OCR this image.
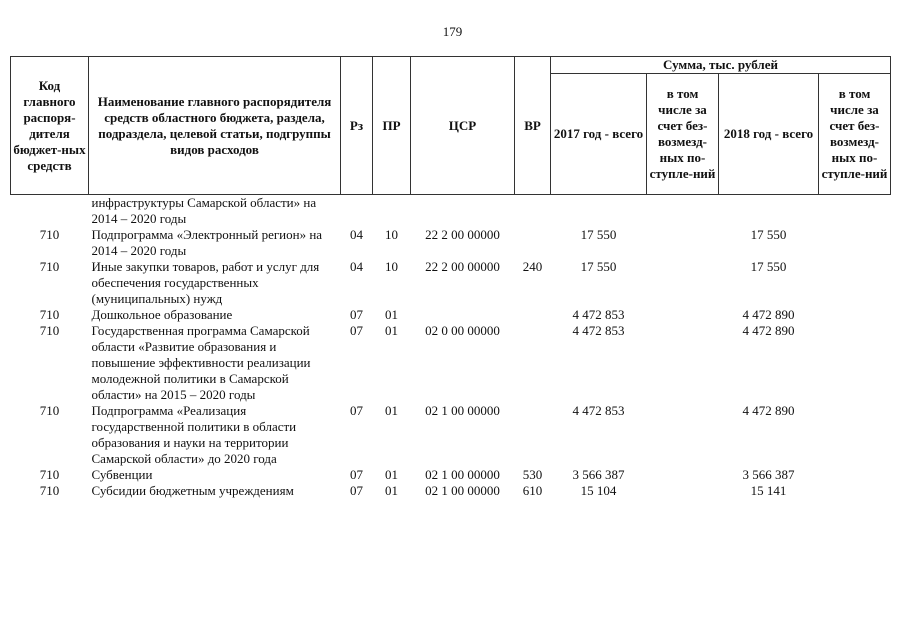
179
Код главного распоря-дителя бюджет-ных средств	Наименование главного распорядителя средств областного бюджета, раздела, подраздела, целевой статьи, подгруппы видов расходов	Рз	ПР	ЦСР	ВР	Сумма, тыс. рублей			
						2017 год - всего	в том числе за счет без-возмезд-ных по-ступле-ний	2018 год - всего	в том числе за счет без-возмезд-ных по-ступле-ний
	инфраструктуры Самарской области» на 2014 – 2020 годы								
710	Подпрограмма «Электронный регион» на 2014 – 2020 годы	04	10	22 2 00 00000		17 550		17 550	
710	Иные закупки товаров, работ и услуг для обеспечения государственных (муниципальных) нужд	04	10	22 2 00 00000	240	17 550		17 550	
710	Дошкольное образование	07	01			4 472 853		4 472 890	
710	Государственная программа Самарской области «Развитие образования и повышение эффективности реализации молодежной политики в Самарской области» на 2015 – 2020 годы	07	01	02 0 00 00000		4 472 853		4 472 890	
710	Подпрограмма «Реализация государственной политики в области образования и науки на территории Самарской области» до 2020 года	07	01	02 1 00 00000		4 472 853		4 472 890	
710	Субвенции	07	01	02 1 00 00000	530	3 566 387		3 566 387	
710	Субсидии бюджетным учреждениям	07	01	02 1 00 00000	610	15 104		15 141	
